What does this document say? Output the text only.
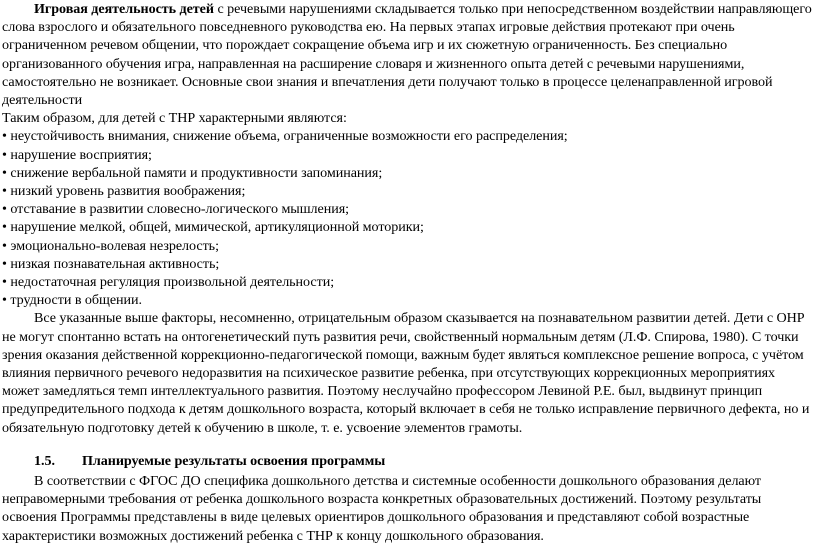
Игровая деятельность детей с речевыми нарушениями складывается только при непосредственном воздействии направляющего слова взрослого и обязательного повседневного руководства ею. На первых этапах игровые действия протекают при очень ограниченном речевом общении, что порождает сокращение объема игр и их сюжетную ограниченность. Без специально организованного обучения игра, направленная на расширение словаря и жизненного опыта детей с речевыми нарушениями, самостоятельно не возникает. Основные свои знания и впечатления дети получают только в процессе целенаправленной игровой деятельности

Таким образом, для детей с ТНР характерными являются:

• неустойчивость внимания, снижение объема, ограниченные возможности его распределения;
• нарушение восприятия;
• снижение вербальной памяти и продуктивности запоминания;
• низкий уровень развития воображения;
• отставание в развитии словесно-логического мышления;
• нарушение мелкой, общей, мимической, артикуляционной моторики;
• эмоционально-волевая незрелость;
• низкая познавательная активность;
• недостаточная регуляция произвольной деятельности;
• трудности в общении.

Все указанные выше факторы, несомненно, отрицательным образом сказывается на познавательном развитии детей. Дети с ОНР не могут спонтанно встать на онтогенетический путь развития речи, свойственный нормальным детям (Л.Ф. Спирова, 1980). С точки зрения оказания действенной коррекционно-педагогической помощи, важным будет являться комплексное решение вопроса, с учётом влияния первичного речевого недоразвития на психическое развитие ребенка, при отсутствующих коррекционных мероприятиях может замедляться темп интеллектуального развития. Поэтому неслучайно профессором Левиной Р.Е. был, выдвинут принцип предупредительного подхода к детям дошкольного возраста, который включает в себя не только исправление первичного дефекта, но и обязательную подготовку детей к обучению в школе, т. е. усвоение элементов грамоты.

1.5. Планируемые результаты освоения программы

В соответствии с ФГОС ДО специфика дошкольного детства и системные особенности дошкольного образования делают неправомерными требования от ребенка дошкольного возраста конкретных образовательных достижений. Поэтому результаты освоения Программы представлены в виде целевых ориентиров дошкольного образования и представляют собой возрастные характеристики возможных достижений ребенка с ТНР к концу дошкольного образования.
